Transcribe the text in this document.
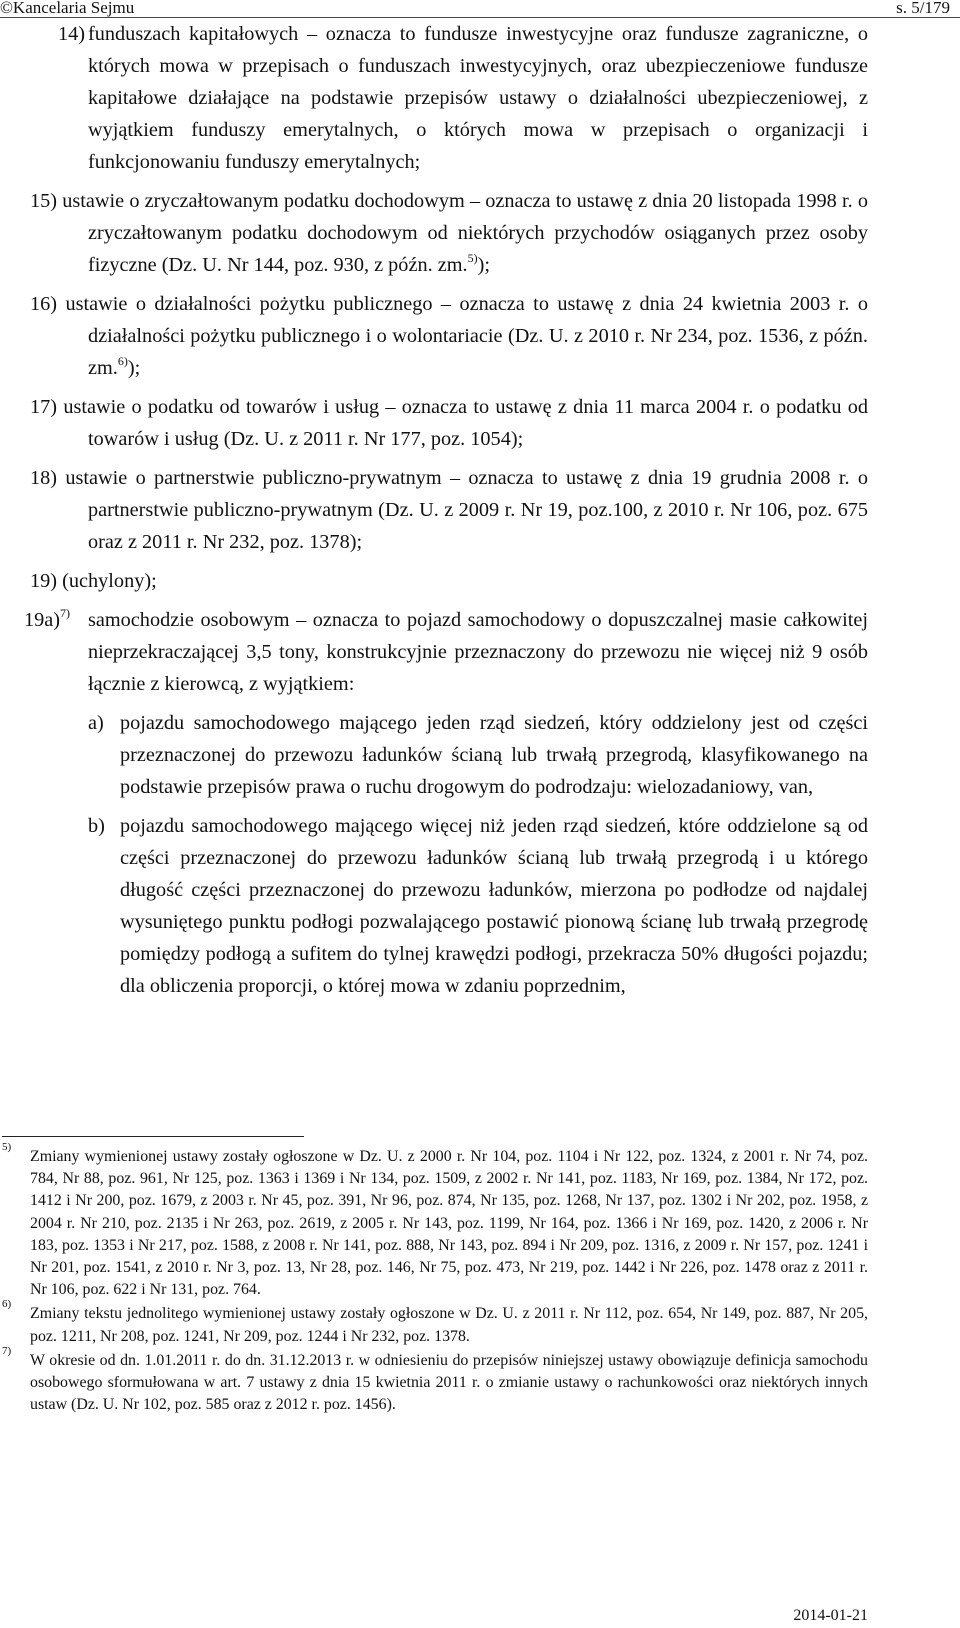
©Kancelaria Sejmu	s. 5/179
14) funduszach kapitałowych – oznacza to fundusze inwestycyjne oraz fundusze zagraniczne, o których mowa w przepisach o funduszach inwestycyjnych, oraz ubezpieczeniowe fundusze kapitałowe działające na podstawie przepisów ustawy o działalności ubezpieczeniowej, z wyjątkiem funduszy emerytalnych, o których mowa w przepisach o organizacji i funkcjonowaniu funduszy emerytalnych;
15) ustawie o zryczałtowanym podatku dochodowym – oznacza to ustawę z dnia 20 listopada 1998 r. o zryczałtowanym podatku dochodowym od niektórych przychodów osiąganych przez osoby fizyczne (Dz. U. Nr 144, poz. 930, z późn. zm.$^{5)}$);
16) ustawie o działalności pożytku publicznego – oznacza to ustawę z dnia 24 kwietnia 2003 r. o działalności pożytku publicznego i o wolontariacie (Dz. U. z 2010 r. Nr 234, poz. 1536, z późn. zm.$^{6)}$);
17) ustawie o podatku od towarów i usług – oznacza to ustawę z dnia 11 marca 2004 r. o podatku od towarów i usług (Dz. U. z 2011 r. Nr 177, poz. 1054);
18) ustawie o partnerstwie publiczno-prywatnym – oznacza to ustawę z dnia 19 grudnia 2008 r. o partnerstwie publiczno-prywatnym (Dz. U. z 2009 r. Nr 19, poz.100, z 2010 r. Nr 106, poz. 675 oraz z 2011 r. Nr 232, poz. 1378);
19) (uchylony);
19a)$^{7)}$ samochodzie osobowym – oznacza to pojazd samochodowy o dopuszczalnej masie całkowitej nieprzekraczającej 3,5 tony, konstrukcyjnie przeznaczony do przewozu nie więcej niż 9 osób łącznie z kierowcą, z wyjątkiem:
a) pojazdu samochodowego mającego jeden rząd siedzeń, który oddzielony jest od części przeznaczonej do przewozu ładunków ścianą lub trwałą przegrodą, klasyfikowanego na podstawie przepisów prawa o ruchu drogowym do podrodzaju: wielozadaniowy, van,
b) pojazdu samochodowego mającego więcej niż jeden rząd siedzeń, które oddzielone są od części przeznaczonej do przewozu ładunków ścianą lub trwałą przegrodą i u którego długość części przeznaczonej do przewozu ładunków, mierzona po podłodze od najdalej wysuniętego punktu podłogi pozwalającego postawić pionową ścianę lub trwałą przegrodę pomiędzy podłogą a sufitem do tylnej krawędzi podłogi, przekracza 50% długości pojazdu; dla obliczenia proporcji, o której mowa w zdaniu poprzednim,
5)
Zmiany wymienionej ustawy zostały ogłoszone w Dz. U. z 2000 r. Nr 104, poz. 1104 i Nr 122, poz. 1324, z 2001 r. Nr 74, poz. 784, Nr 88, poz. 961, Nr 125, poz. 1363 i 1369 i Nr 134, poz. 1509, z 2002 r. Nr 141, poz. 1183, Nr 169, poz. 1384, Nr 172, poz. 1412 i Nr 200, poz. 1679, z 2003 r. Nr 45, poz. 391, Nr 96, poz. 874, Nr 135, poz. 1268, Nr 137, poz. 1302 i Nr 202, poz. 1958, z 2004 r. Nr 210, poz. 2135 i Nr 263, poz. 2619, z 2005 r. Nr 143, poz. 1199, Nr 164, poz. 1366 i Nr 169, poz. 1420, z 2006 r. Nr 183, poz. 1353 i Nr 217, poz. 1588, z 2008 r. Nr 141, poz. 888, Nr 143, poz. 894 i Nr 209, poz. 1316, z 2009 r. Nr 157, poz. 1241 i Nr 201, poz. 1541, z 2010 r. Nr 3, poz. 13, Nr 28, poz. 146, Nr 75, poz. 473, Nr 219, poz. 1442 i Nr 226, poz. 1478 oraz z 2011 r. Nr 106, poz. 622 i Nr 131, poz. 764.
6)
Zmiany tekstu jednolitego wymienionej ustawy zostały ogłoszone w Dz. U. z 2011 r. Nr 112, poz. 654, Nr 149, poz. 887, Nr 205, poz. 1211, Nr 208, poz. 1241, Nr 209, poz. 1244 i Nr 232, poz. 1378.
7)
W okresie od dn. 1.01.2011 r. do dn. 31.12.2013 r. w odniesieniu do przepisów niniejszej ustawy obowiązuje definicja samochodu osobowego sformułowana w art. 7 ustawy z dnia 15 kwietnia 2011 r. o zmianie ustawy o rachunkowości oraz niektórych innych ustaw (Dz. U. Nr 102, poz. 585 oraz z 2012 r. poz. 1456).
2014-01-21
